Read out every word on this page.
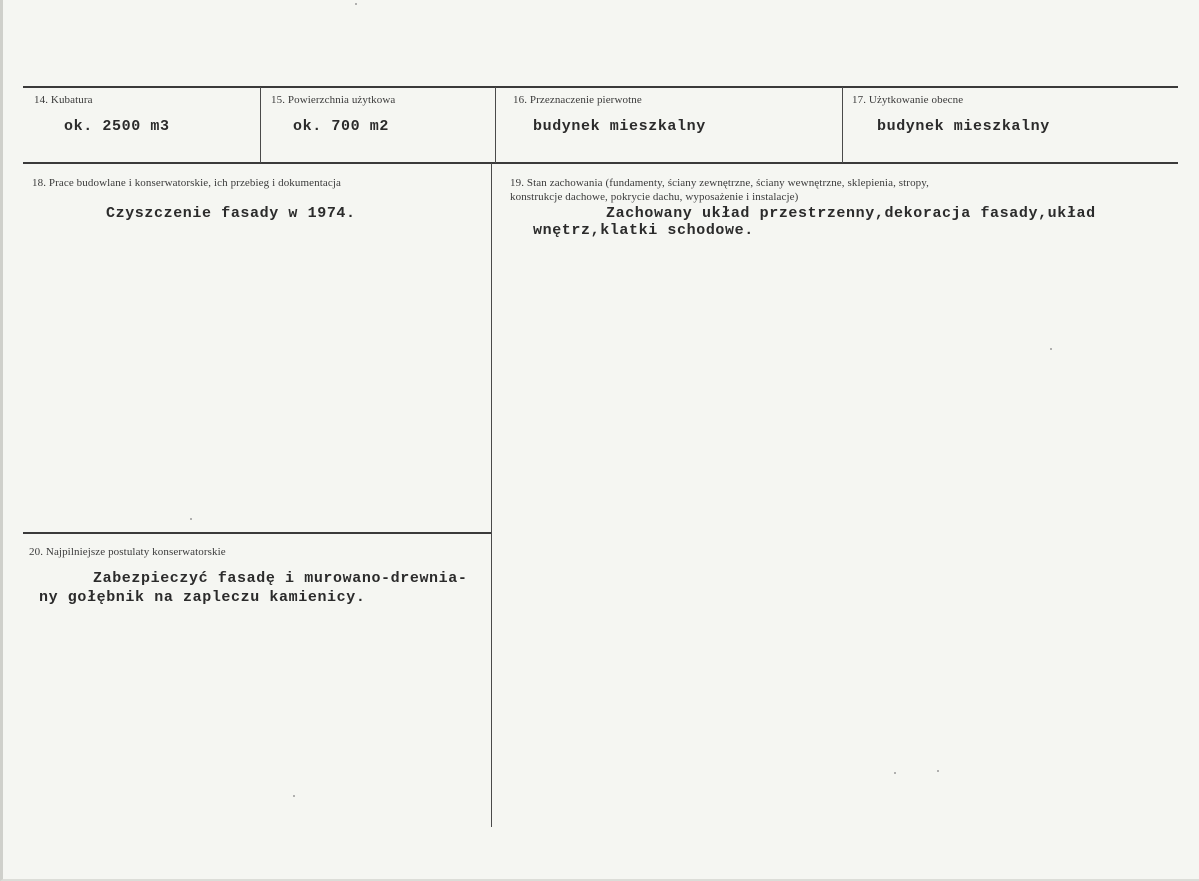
14. Kubatura
ok. 2500 m3
15. Powierzchnia użytkowa
ok. 700 m2
16. Przeznaczenie pierwotne
budynek mieszkalny
17. Użytkowanie obecne
budynek mieszkalny
18. Prace budowlane i konserwatorskie, ich przebieg i dokumentacja
Czyszczenie fasady w 1974.
19. Stan zachowania (fundamenty, ściany zewnętrzne, ściany wewnętrzne, sklepienia, stropy,
konstrukcje dachowe, pokrycie dachu, wyposażenie i instalacje)
Zachowany układ przestrzenny,dekoracja fasady,układ
wnętrz,klatki schodowe.
20. Najpilniejsze postulaty konserwatorskie
Zabezpieczyć fasadę i murowano-drewnia-
ny gołębnik na zapleczu kamienicy.
